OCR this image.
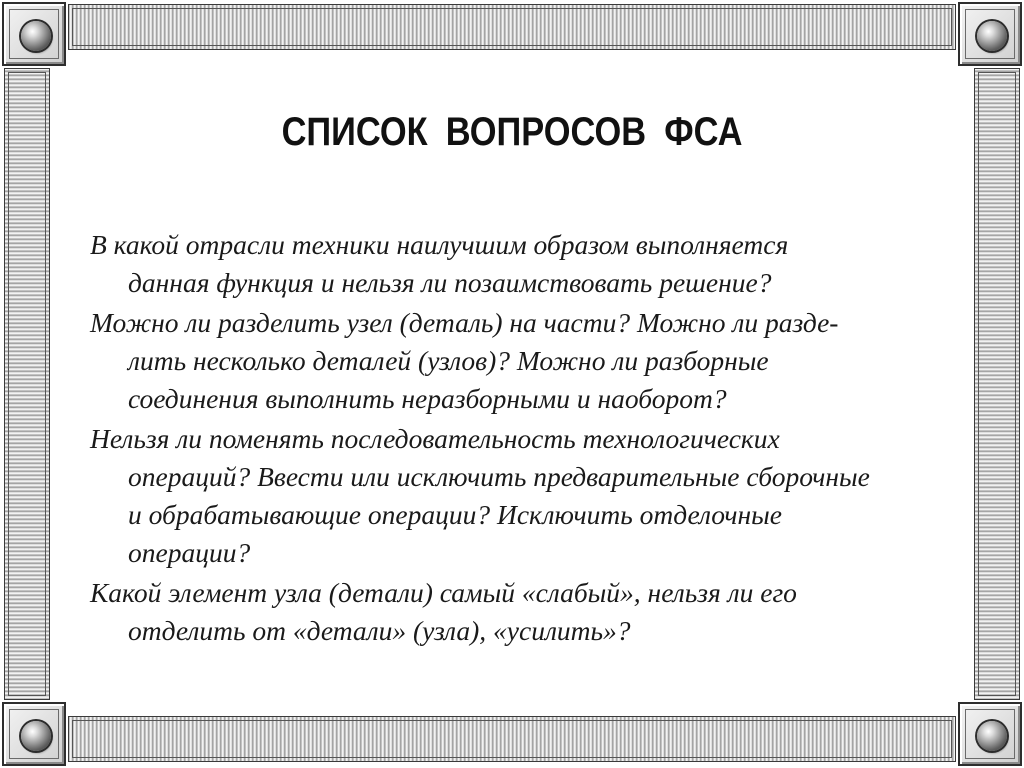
СПИСОК ВОПРОСОВ ФСА
В какой отрасли техники наилучшим образом выполняется
данная функция и нельзя ли позаимствовать решение?
Можно ли разделить узел (деталь) на части? Можно ли разде-
лить несколько деталей (узлов)? Можно ли разборные
соединения выполнить неразборными и наоборот?
Нельзя ли поменять последовательность технологических
операций? Ввести или исключить предварительные сборочные
и обрабатывающие операции? Исключить отделочные
операции?
Какой элемент узла (детали) самый «слабый», нельзя ли его
отделить от «детали» (узла), «усилить»?
